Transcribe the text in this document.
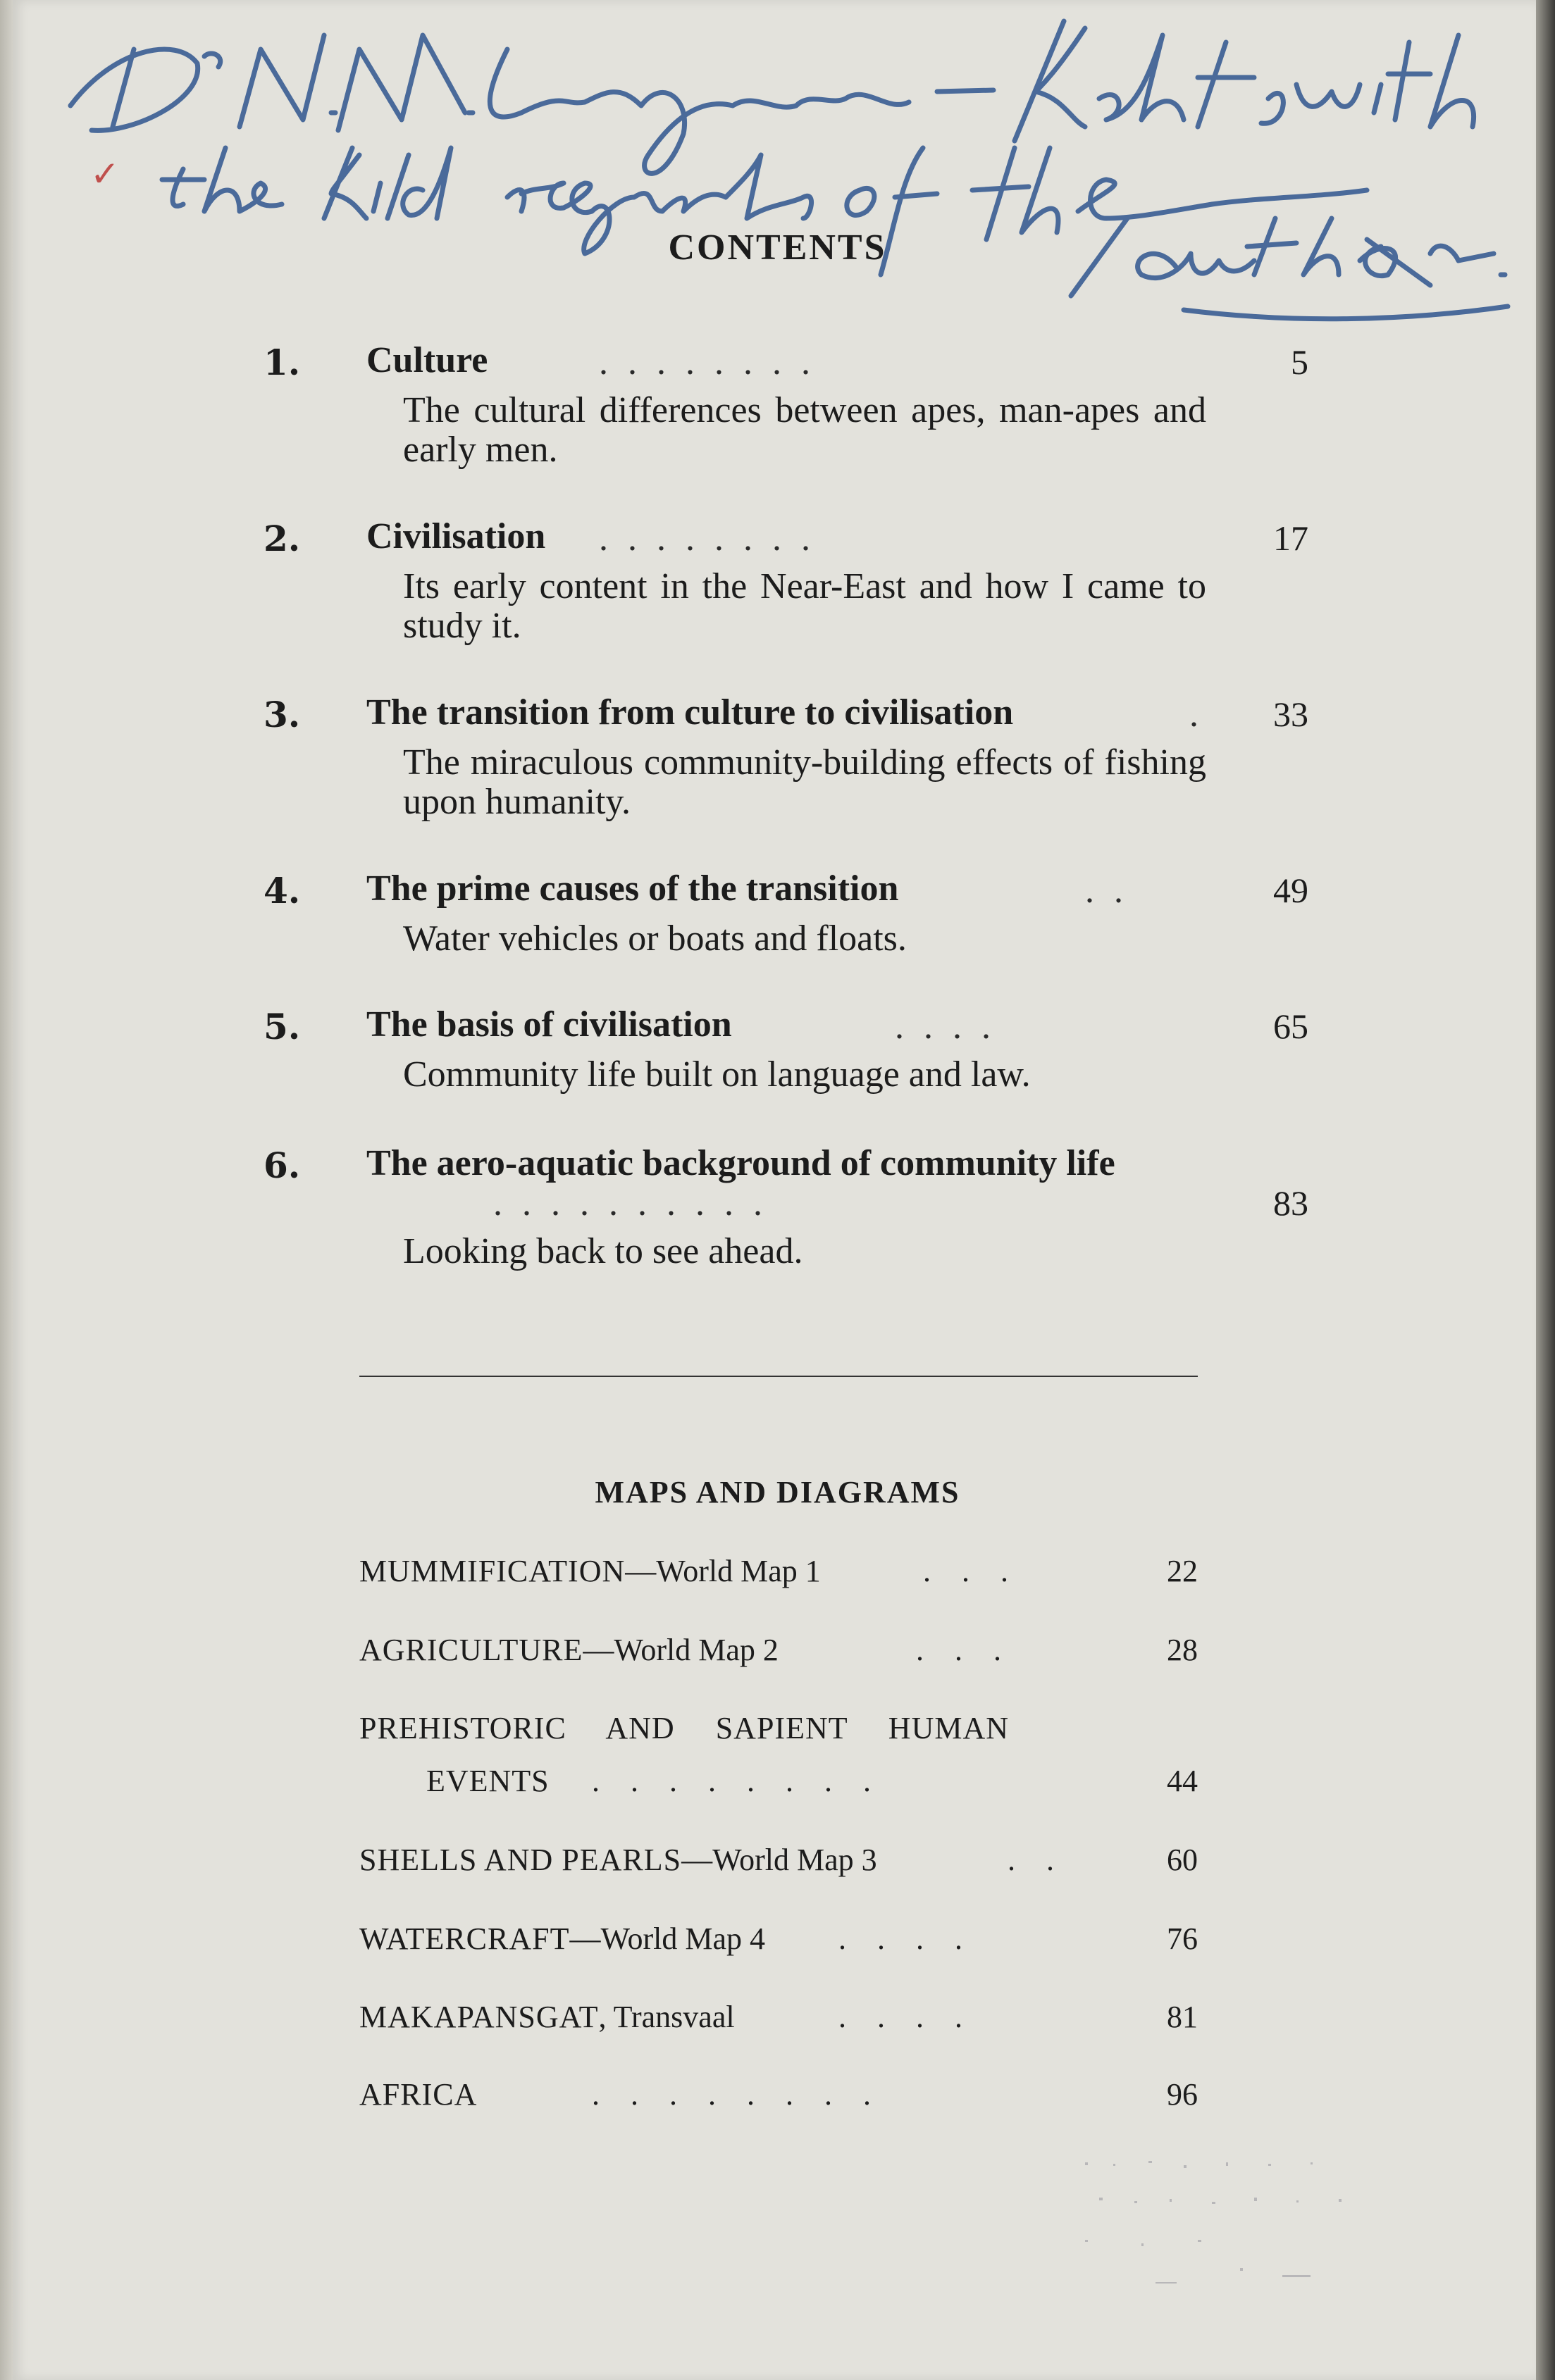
✓
CONTENTS
1. Culture	........	5
The cultural differences between apes, man-apes and early men.
2. Civilisation	........	17
Its early content in the Near-East and how I came to study it.
3. The transition from culture to civilisation	.	33
The miraculous community-building effects of fishing upon humanity.
4. The prime causes of the transition	..	49
Water vehicles or boats and floats.
5. The basis of civilisation	....	65
Community life built on language and law.
6. The aero-aquatic background of community life
..........	83
Looking back to see ahead.
MAPS AND DIAGRAMS
MUMMIFICATION—World Map 1	...	22
AGRICULTURE—World Map 2	...	28
PREHISTORIC AND SAPIENT HUMAN
EVENTS ........	44
SHELLS AND PEARLS—World Map 3	..	60
WATERCRAFT—World Map 4 ....	76
MAKAPANSGAT, Transvaal	....	81
AFRICA	........	96
